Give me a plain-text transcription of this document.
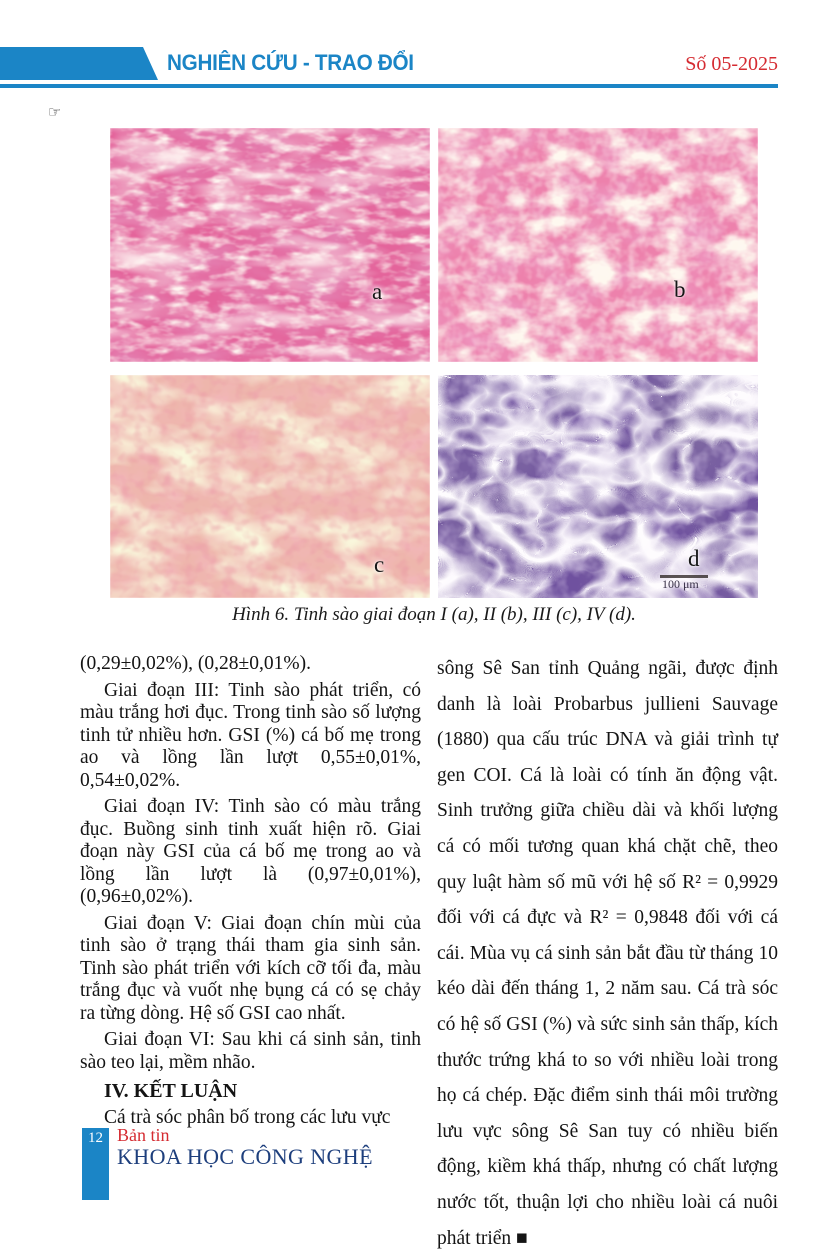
NGHIÊN CỨU - TRAO ĐỔI	Số 05-2025
☞
a	b
c	d
100 μm
Hình 6. Tinh sào giai đoạn I (a), II (b), III (c), IV (d).

(0,29±0,02%), (0,28±0,01%).

Giai đoạn III: Tinh sào phát triển, có màu trắng hơi đục. Trong tinh sào số lượng tinh tử nhiều hơn. GSI (%) cá bố mẹ trong ao và lồng lần lượt 0,55±0,01%, 0,54±0,02%.

Giai đoạn IV: Tinh sào có màu trắng đục. Buồng sinh tinh xuất hiện rõ. Giai đoạn này GSI của cá bố mẹ trong ao và lồng lần lượt là (0,97±0,01%), (0,96±0,02%).

Giai đoạn V: Giai đoạn chín mùi của tinh sào ở trạng thái tham gia sinh sản. Tinh sào phát triển với kích cỡ tối đa, màu trắng đục và vuốt nhẹ bụng cá có sẹ chảy ra từng dòng. Hệ số GSI cao nhất.

Giai đoạn VI: Sau khi cá sinh sản, tinh sào teo lại, mềm nhão.

IV. KẾT LUẬN

Cá trà sóc phân bố trong các lưu vực

sông Sê San tỉnh Quảng ngãi, được định danh là loài Probarbus jullieni Sauvage (1880) qua cấu trúc DNA và giải trình tự gen COI. Cá là loài có tính ăn động vật. Sinh trưởng giữa chiều dài và khối lượng cá có mối tương quan khá chặt chẽ, theo quy luật hàm số mũ với hệ số R² = 0,9929 đối với cá đực và R² = 0,9848 đối với cá cái. Mùa vụ cá sinh sản bắt đầu từ tháng 10 kéo dài đến tháng 1, 2 năm sau. Cá trà sóc có hệ số GSI (%) và sức sinh sản thấp, kích thước trứng khá to so với nhiều loài trong họ cá chép. Đặc điểm sinh thái môi trường lưu vực sông Sê San tuy có nhiều biến động, kiềm khá thấp, nhưng có chất lượng nước tốt, thuận lợi cho nhiều loài cá nuôi phát triển ■

12 Bản tin
KHOA HỌC CÔNG NGHỆ
